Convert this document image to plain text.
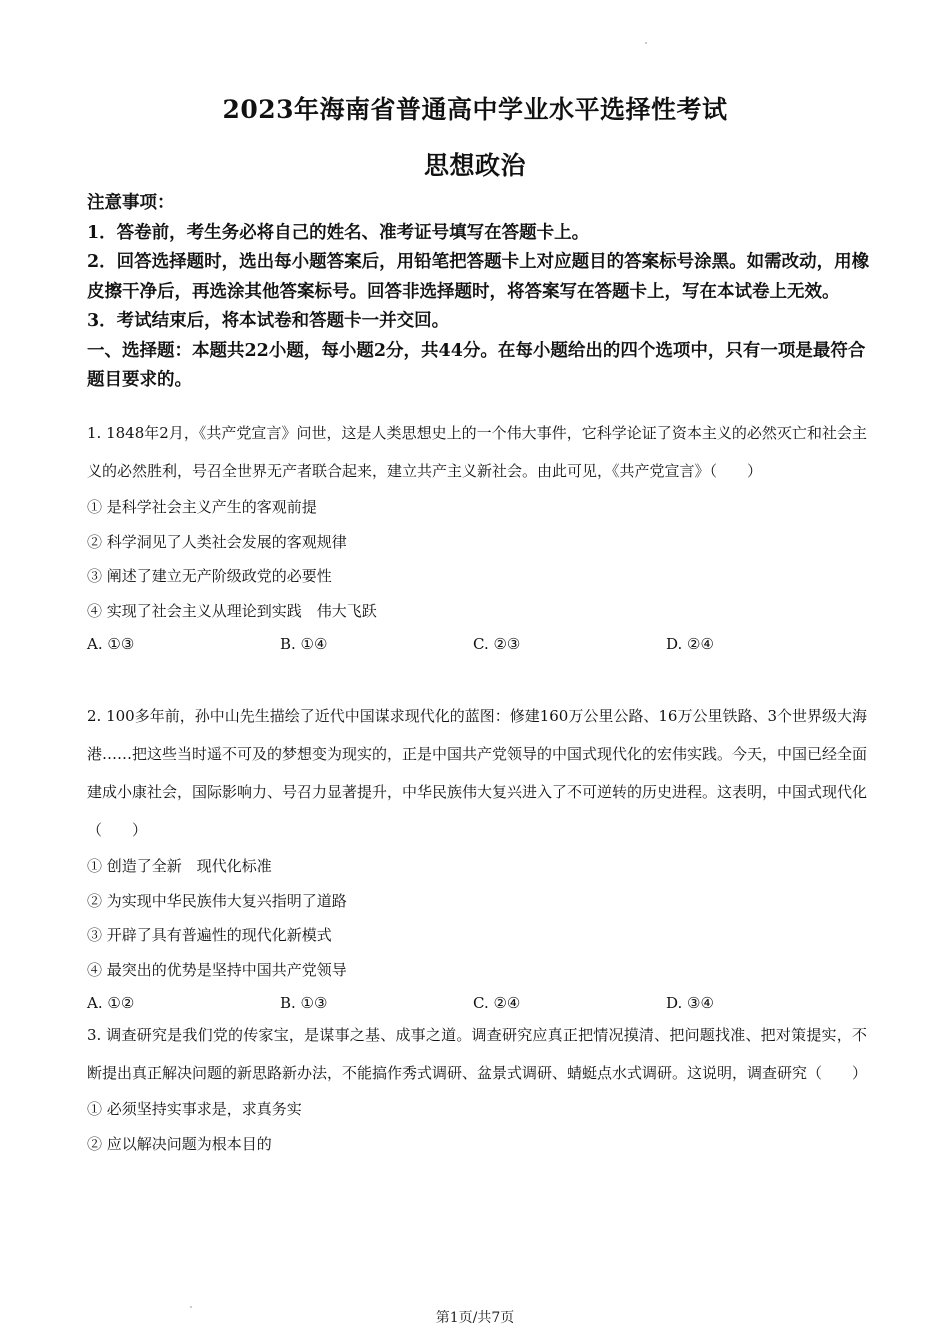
2023年海南省普通高中学业水平选择性考试
思想政治

注意事项：

1．答卷前，考生务必将自己的姓名、准考证号填写在答题卡上。

2．回答选择题时，选出每小题答案后，用铅笔把答题卡上对应题目的答案标号涂黑。如需改动，用橡皮擦干净后，再选涂其他答案标号。回答非选择题时，将答案写在答题卡上，写在本试卷上无效。

3．考试结束后，将本试卷和答题卡一并交回。

一、选择题：本题共22小题，每小题2分，共44分。在每小题给出的四个选项中，只有一项是最符合题目要求的。

1. 1848年2月，《共产党宣言》问世，这是人类思想史上的一个伟大事件，它科学论证了资本主义的必然灭亡和社会主义的必然胜利，号召全世界无产者联合起来，建立共产主义新社会。由此可见，《共产党宣言》（　　）

① 是科学社会主义产生的客观前提

② 科学洞见了人类社会发展的客观规律

③ 阐述了建立无产阶级政党的必要性

④ 实现了社会主义从理论到实践　伟大飞跃

A. ①③	B. ①④	C. ②③	D. ②④

2. 100多年前，孙中山先生描绘了近代中国谋求现代化的蓝图：修建160万公里公路、16万公里铁路、3个世界级大海港……把这些当时遥不可及的梦想变为现实的，正是中国共产党领导的中国式现代化的宏伟实践。今天，中国已经全面建成小康社会，国际影响力、号召力显著提升，中华民族伟大复兴进入了不可逆转的历史进程。这表明，中国式现代化（　　）

① 创造了全新　现代化标准

② 为实现中华民族伟大复兴指明了道路

③ 开辟了具有普遍性的现代化新模式

④ 最突出的优势是坚持中国共产党领导

A. ①②	B. ①③	C. ②④	D. ③④

3. 调查研究是我们党的传家宝，是谋事之基、成事之道。调查研究应真正把情况摸清、把问题找准、把对策提实，不断提出真正解决问题的新思路新办法，不能搞作秀式调研、盆景式调研、蜻蜓点水式调研。这说明，调查研究（　　）

① 必须坚持实事求是，求真务实

② 应以解决问题为根本目的

第1页/共7页
